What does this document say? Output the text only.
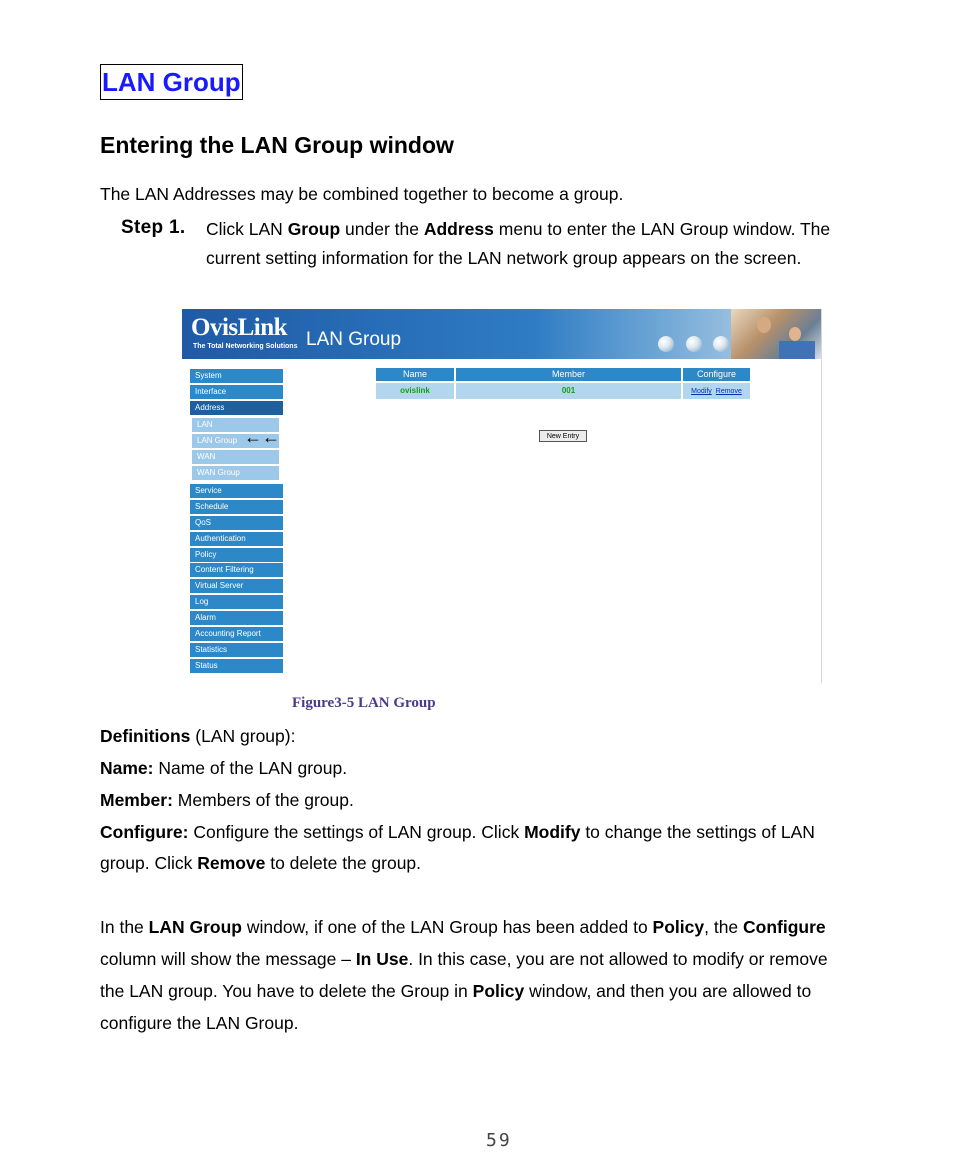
LAN Group
Entering the LAN Group window
The LAN Addresses may be combined together to become a group.
Step 1. Click LAN Group under the Address menu to enter the LAN Group window. The
current setting information for the LAN network group appears on the screen.
OvisLink
The Total Networking Solutions LAN Group
System
Interface
Address
LAN
LAN Group
WAN
WAN Group
←←
Service
Schedule
QoS
Authentication
Policy
Content Filtering
Virtual Server
Log
Alarm
Accounting Report
Statistics
Status
Name	Member	Configure
ovislink	001	Modify Remove
New Entry
Figure3-5 LAN Group
Definitions (LAN group):
Name: Name of the LAN group.
Member: Members of the group.
Configure: Configure the settings of LAN group. Click Modify to change the settings of LAN
group. Click Remove to delete the group.
In the LAN Group window, if one of the LAN Group has been added to Policy, the Configure
column will show the message – In Use. In this case, you are not allowed to modify or remove
the LAN group. You have to delete the Group in Policy window, and then you are allowed to
configure the LAN Group.
59
